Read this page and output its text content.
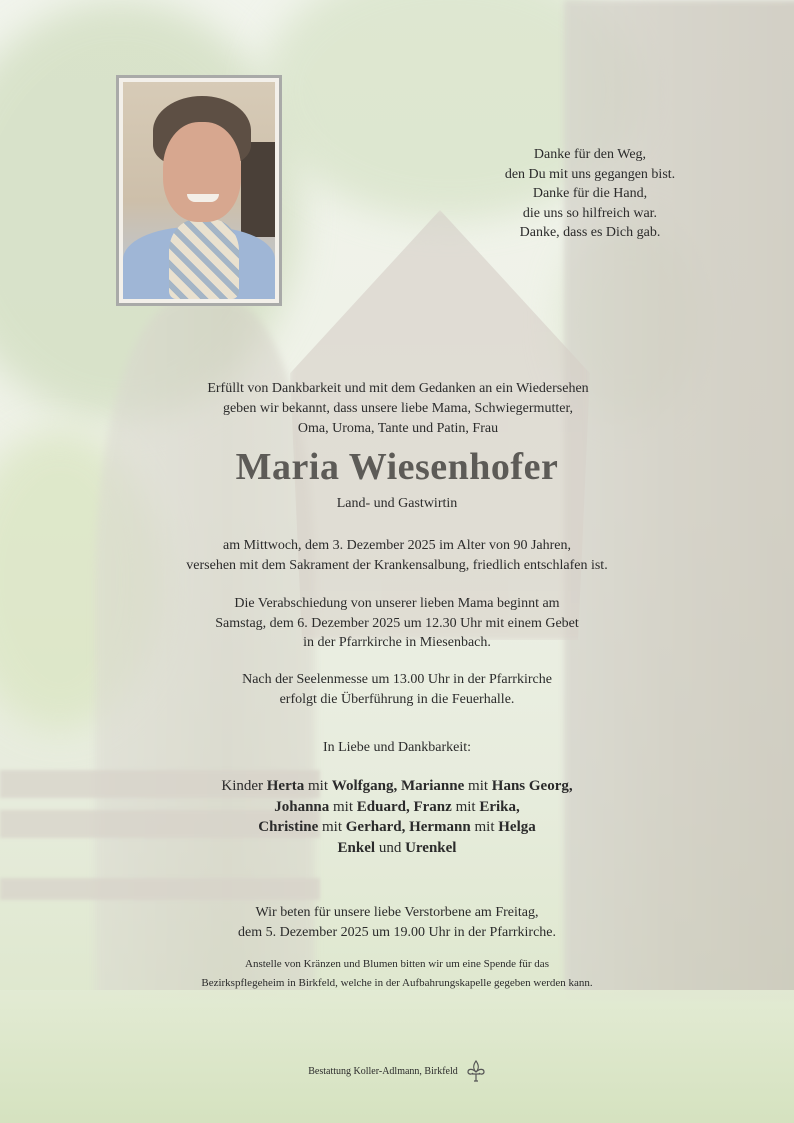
Danke für den Weg,
den Du mit uns gegangen bist.
Danke für die Hand,
die uns so hilfreich war.
Danke, dass es Dich gab.
Erfüllt von Dankbarkeit und mit dem Gedanken an ein Wiedersehen
geben wir bekannt, dass unsere liebe Mama, Schwiegermutter,
Oma, Uroma, Tante und Patin, Frau
Maria Wiesenhofer
Land- und Gastwirtin
am Mittwoch, dem 3. Dezember 2025 im Alter von 90 Jahren,
versehen mit dem Sakrament der Krankensalbung, friedlich entschlafen ist.
Die Verabschiedung von unserer lieben Mama beginnt am
Samstag, dem 6. Dezember 2025 um 12.30 Uhr mit einem Gebet
in der Pfarrkirche in Miesenbach.
Nach der Seelenmesse um 13.00 Uhr in der Pfarrkirche
erfolgt die Überführung in die Feuerhalle.
In Liebe und Dankbarkeit:
Kinder Herta mit Wolfgang, Marianne mit Hans Georg,
Johanna mit Eduard, Franz mit Erika,
Christine mit Gerhard, Hermann mit Helga
Enkel und Urenkel
Wir beten für unsere liebe Verstorbene am Freitag,
dem 5. Dezember 2025 um 19.00 Uhr in der Pfarrkirche.
Anstelle von Kränzen und Blumen bitten wir um eine Spende für das
Bezirkspflegeheim in Birkfeld, welche in der Aufbahrungskapelle gegeben werden kann.
Bestattung Koller-Adlmann, Birkfeld
